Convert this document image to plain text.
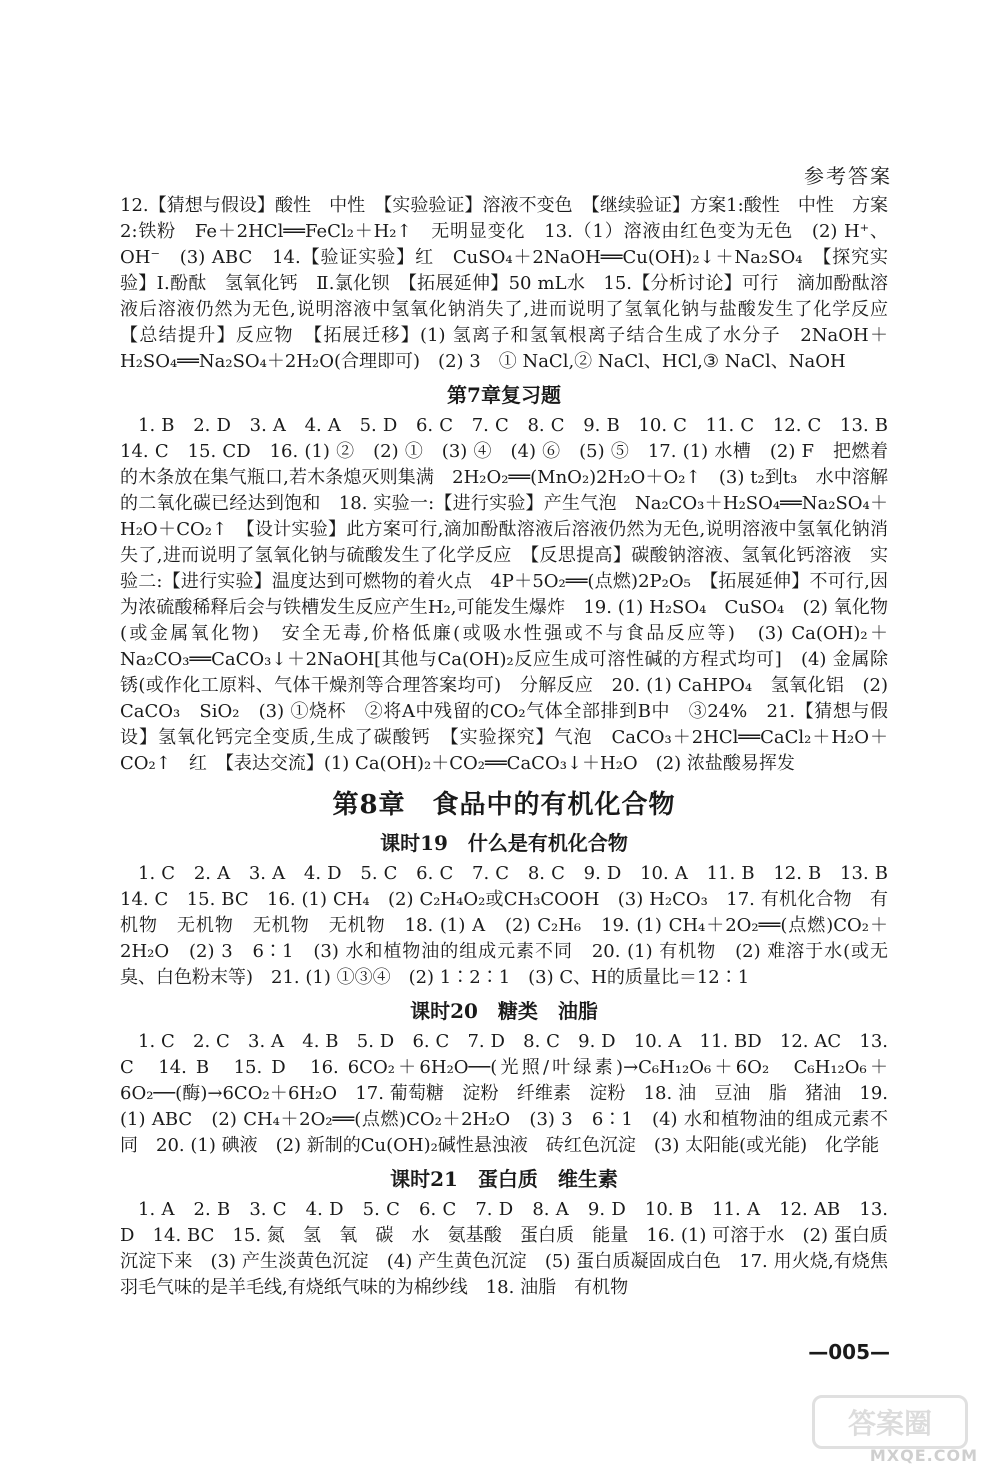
参考答案

12.【猜想与假设】酸性　中性　【实验验证】溶液不变色　【继续验证】方案1:酸性　中性　方案2:铁粉　Fe＋2HCl══FeCl₂＋H₂↑　无明显变化　13.（1）溶液由红色变为无色　(2) H⁺、OH⁻　(3) ABC　14.【验证实验】红　CuSO₄＋2NaOH══Cu(OH)₂↓＋Na₂SO₄　【探究实验】Ⅰ.酚酞　氢氧化钙　Ⅱ.氯化钡　【拓展延伸】50 mL水　15.【分析讨论】可行　滴加酚酞溶液后溶液仍然为无色,说明溶液中氢氧化钠消失了,进而说明了氢氧化钠与盐酸发生了化学反应　【总结提升】反应物　【拓展迁移】(1) 氢离子和氢氧根离子结合生成了水分子　2NaOH＋H₂SO₄══Na₂SO₄＋2H₂O(合理即可)　(2) 3　① NaCl,② NaCl、HCl,③ NaCl、NaOH

第7章复习题

1. B　2. D　3. A　4. A　5. D　6. C　7. C　8. C　9. B　10. C　11. C　12. C　13. B　14. C　15. CD　16. (1) ②　(2) ①　(3) ④　(4) ⑥　(5) ⑤　17. (1) 水槽　(2) F　把燃着的木条放在集气瓶口,若木条熄灭则集满　2H₂O₂══(MnO₂)2H₂O＋O₂↑　(3) t₂到t₃　水中溶解的二氧化碳已经达到饱和　18. 实验一:【进行实验】产生气泡　Na₂CO₃＋H₂SO₄══Na₂SO₄＋H₂O＋CO₂↑　【设计实验】此方案可行,滴加酚酞溶液后溶液仍然为无色,说明溶液中氢氧化钠消失了,进而说明了氢氧化钠与硫酸发生了化学反应　【反思提高】碳酸钠溶液、氢氧化钙溶液　实验二:【进行实验】温度达到可燃物的着火点　4P＋5O₂══(点燃)2P₂O₅　【拓展延伸】不可行,因为浓硫酸稀释后会与铁槽发生反应产生H₂,可能发生爆炸　19. (1) H₂SO₄　CuSO₄　(2) 氧化物(或金属氧化物)　安全无毒,价格低廉(或吸水性强或不与食品反应等)　(3) Ca(OH)₂＋Na₂CO₃══CaCO₃↓＋2NaOH[其他与Ca(OH)₂反应生成可溶性碱的方程式均可]　(4) 金属除锈(或作化工原料、气体干燥剂等合理答案均可)　分解反应　20. (1) CaHPO₄　氢氧化铝　(2) CaCO₃　SiO₂　(3) ①烧杯　②将A中残留的CO₂气体全部排到B中　③24%　21.【猜想与假设】氢氧化钙完全变质,生成了碳酸钙　【实验探究】气泡　CaCO₃＋2HCl══CaCl₂＋H₂O＋CO₂↑　红　【表达交流】(1) Ca(OH)₂＋CO₂══CaCO₃↓＋H₂O　(2) 浓盐酸易挥发

第8章　食品中的有机化合物
课时19　什么是有机化合物

1. C　2. A　3. A　4. D　5. C　6. C　7. C　8. C　9. D　10. A　11. B　12. B　13. B　14. C　15. BC　16. (1) CH₄　(2) C₂H₄O₂或CH₃COOH　(3) H₂CO₃　17. 有机化合物　有机物　无机物　无机物　无机物　18. (1) A　(2) C₂H₆　19. (1) CH₄＋2O₂══(点燃)CO₂＋2H₂O　(2) 3　6∶1　(3) 水和植物油的组成元素不同　20. (1) 有机物　(2) 难溶于水(或无臭、白色粉末等)　21. (1) ①③④　(2) 1∶2∶1　(3) C、H的质量比＝12∶1

课时20　糖类　油脂

1. C　2. C　3. A　4. B　5. D　6. C　7. D　8. C　9. D　10. A　11. BD　12. AC　13. C　14. B　15. D　16. 6CO₂＋6H₂O──(光照/叶绿素)→C₆H₁₂O₆＋6O₂　C₆H₁₂O₆＋6O₂──(酶)→6CO₂＋6H₂O　17. 葡萄糖　淀粉　纤维素　淀粉　18. 油　豆油　脂　猪油　19. (1) ABC　(2) CH₄＋2O₂══(点燃)CO₂＋2H₂O　(3) 3　6∶1　(4) 水和植物油的组成元素不同　20. (1) 碘液　(2) 新制的Cu(OH)₂碱性悬浊液　砖红色沉淀　(3) 太阳能(或光能)　化学能

课时21　蛋白质　维生素

1. A　2. B　3. C　4. D　5. C　6. C　7. D　8. A　9. D　10. B　11. A　12. AB　13. D　14. BC　15. 氮　氢　氧　碳　水　氨基酸　蛋白质　能量　16. (1) 可溶于水　(2) 蛋白质沉淀下来　(3) 产生淡黄色沉淀　(4) 产生黄色沉淀　(5) 蛋白质凝固成白色　17. 用火烧,有烧焦羽毛气味的是羊毛线,有烧纸气味的为棉纱线　18. 油脂　有机物

—005—
答案圈
MXQE.COM
